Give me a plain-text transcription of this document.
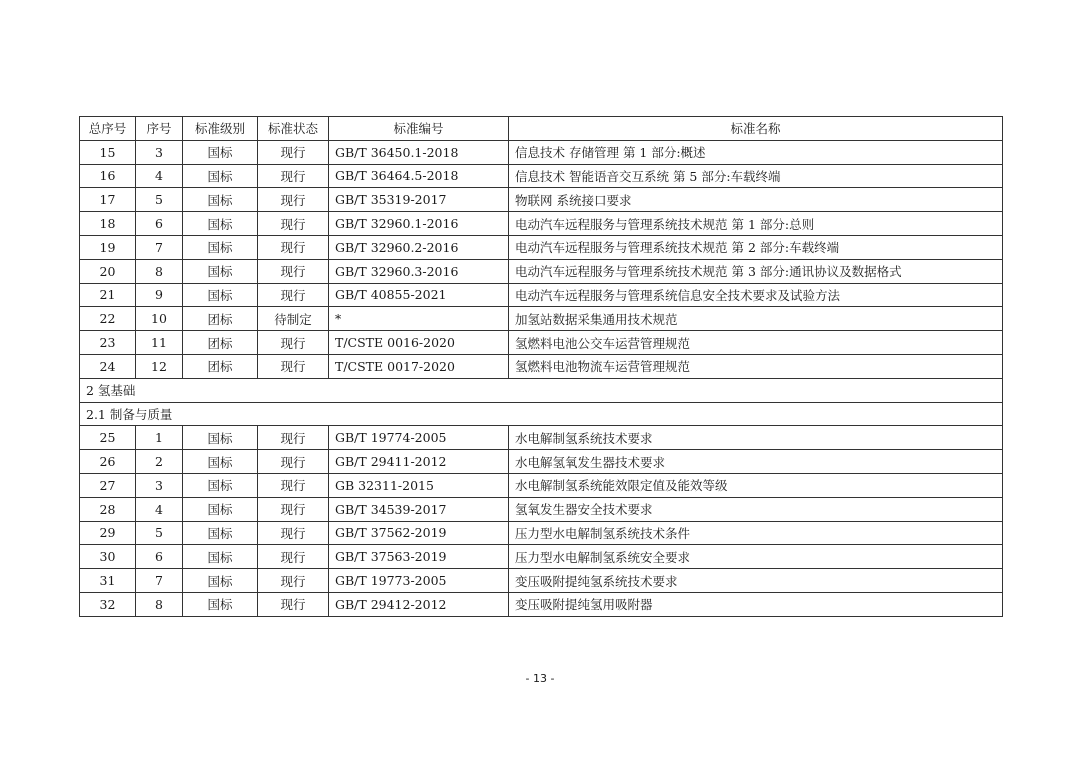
总序号	序号	标准级别	标准状态	标准编号	标准名称
15	3	国标	现行	GB/T 36450.1-2018	信息技术 存储管理 第 1 部分:概述
16	4	国标	现行	GB/T 36464.5-2018	信息技术 智能语音交互系统 第 5 部分:车载终端
17	5	国标	现行	GB/T 35319-2017	物联网 系统接口要求
18	6	国标	现行	GB/T 32960.1-2016	电动汽车远程服务与管理系统技术规范 第 1 部分:总则
19	7	国标	现行	GB/T 32960.2-2016	电动汽车远程服务与管理系统技术规范 第 2 部分:车载终端
20	8	国标	现行	GB/T 32960.3-2016	电动汽车远程服务与管理系统技术规范 第 3 部分:通讯协议及数据格式
21	9	国标	现行	GB/T 40855-2021	电动汽车远程服务与管理系统信息安全技术要求及试验方法
22	10	团标	待制定	*	加氢站数据采集通用技术规范
23	11	团标	现行	T/CSTE 0016-2020	氢燃料电池公交车运营管理规范
24	12	团标	现行	T/CSTE 0017-2020	氢燃料电池物流车运营管理规范
2 氢基础					
2.1 制备与质量					
25	1	国标	现行	GB/T 19774-2005	水电解制氢系统技术要求
26	2	国标	现行	GB/T 29411-2012	水电解氢氧发生器技术要求
27	3	国标	现行	GB 32311-2015	水电解制氢系统能效限定值及能效等级
28	4	国标	现行	GB/T 34539-2017	氢氧发生器安全技术要求
29	5	国标	现行	GB/T 37562-2019	压力型水电解制氢系统技术条件
30	6	国标	现行	GB/T 37563-2019	压力型水电解制氢系统安全要求
31	7	国标	现行	GB/T 19773-2005	变压吸附提纯氢系统技术要求
32	8	国标	现行	GB/T 29412-2012	变压吸附提纯氢用吸附器
- 13 -
